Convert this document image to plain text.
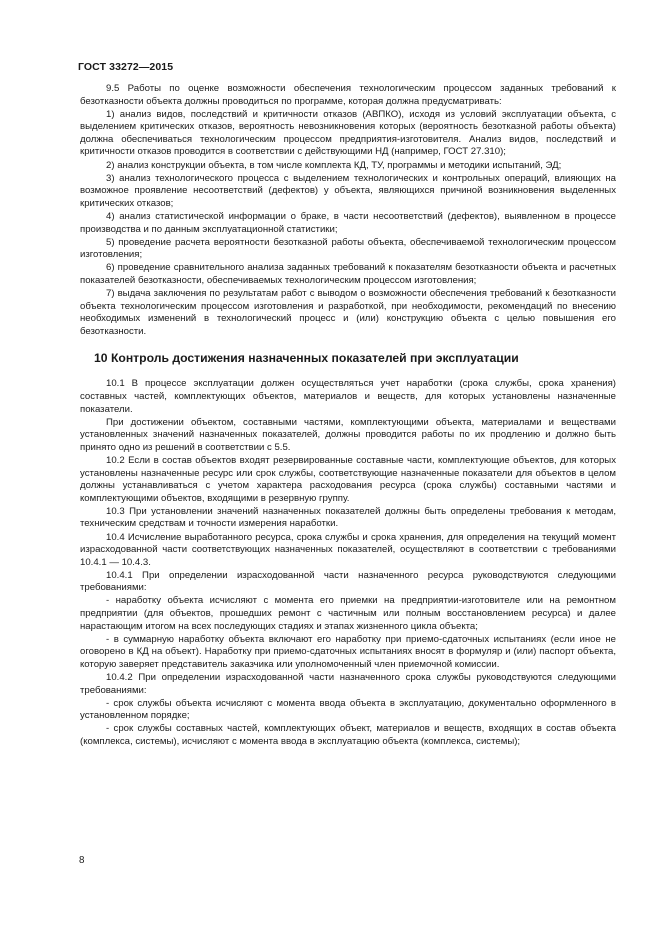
ГОСТ 33272—2015

9.5 Работы по оценке возможности обеспечения технологическим процессом заданных требований к безотказности объекта должны проводиться по программе, которая должна предусматривать:

1) анализ видов, последствий и критичности отказов (АВПКО), исходя из условий эксплуатации объекта, с выделением критических отказов, вероятность невозникновения которых (вероятность безотказной работы объекта) должна обеспечиваться технологическим процессом предприятия-изготовителя. Анализ видов, последствий и критичности отказов проводится в соответствии с действующими НД (например, ГОСТ 27.310);

2) анализ конструкции объекта, в том числе комплекта КД, ТУ, программы и методики испытаний, ЭД;

3) анализ технологического процесса с выделением технологических и контрольных операций, влияющих на возможное проявление несоответствий (дефектов) у объекта, являющихся причиной возникновения выделенных критических отказов;

4) анализ статистической информации о браке, в части несоответствий (дефектов), выявленном в процессе производства и по данным эксплуатационной статистики;

5) проведение расчета вероятности безотказной работы объекта, обеспечиваемой технологическим процессом изготовления;

6) проведение сравнительного анализа заданных требований к показателям безотказности объекта и расчетных показателей безотказности, обеспечиваемых технологическим процессом изготовления;

7) выдача заключения по результатам работ с выводом о возможности обеспечения требований к безотказности объекта технологическим процессом изготовления и разработкой, при необходимости, рекомендаций по внесению необходимых изменений в технологический процесс и (или) конструкцию объекта с целью повышения его безотказности.

10 Контроль достижения назначенных показателей при эксплуатации

10.1 В процессе эксплуатации должен осуществляться учет наработки (срока службы, срока хранения) составных частей, комплектующих объектов, материалов и веществ, для которых установлены назначенные показатели.

При достижении объектом, составными частями, комплектующими объекта, материалами и веществами установленных значений назначенных показателей, должны проводится работы по их продлению и должно быть принято одно из решений в соответствии с 5.5.

10.2 Если в состав объектов входят резервированные составные части, комплектующие объектов, для которых установлены назначенные ресурс или срок службы, соответствующие назначенные показатели для объектов в целом должны устанавливаться с учетом характера расходования ресурса (срока службы) составными частями и комплектующими объектов, входящими в резервную группу.

10.3 При установлении значений назначенных показателей должны быть определены требования к методам, техническим средствам и точности измерения наработки.

10.4 Исчисление выработанного ресурса, срока службы и срока хранения, для определения на текущий момент израсходованной части соответствующих назначенных показателей, осуществляют в соответствии с требованиями 10.4.1 — 10.4.3.

10.4.1 При определении израсходованной части назначенного ресурса руководствуются следующими требованиями:

- наработку объекта исчисляют с момента его приемки на предприятии-изготовителе или на ремонтном предприятии (для объектов, прошедших ремонт с частичным или полным восстановлением ресурса) и далее нарастающим итогом на всех последующих стадиях и этапах жизненного цикла объекта;

- в суммарную наработку объекта включают его наработку при приемо-сдаточных испытаниях (если иное не оговорено в КД на объект). Наработку при приемо-сдаточных испытаниях вносят в формуляр и (или) паспорт объекта, которую заверяет представитель заказчика или уполномоченный член приемочной комиссии.

10.4.2 При определении израсходованной части назначенного срока службы руководствуются следующими требованиями:

- срок службы объекта исчисляют с момента ввода объекта в эксплуатацию, документально оформленного в установленном порядке;

- срок службы составных частей, комплектующих объект, материалов и веществ, входящих в состав объекта (комплекса, системы), исчисляют с момента ввода в эксплуатацию объекта (комплекса, системы);

8
